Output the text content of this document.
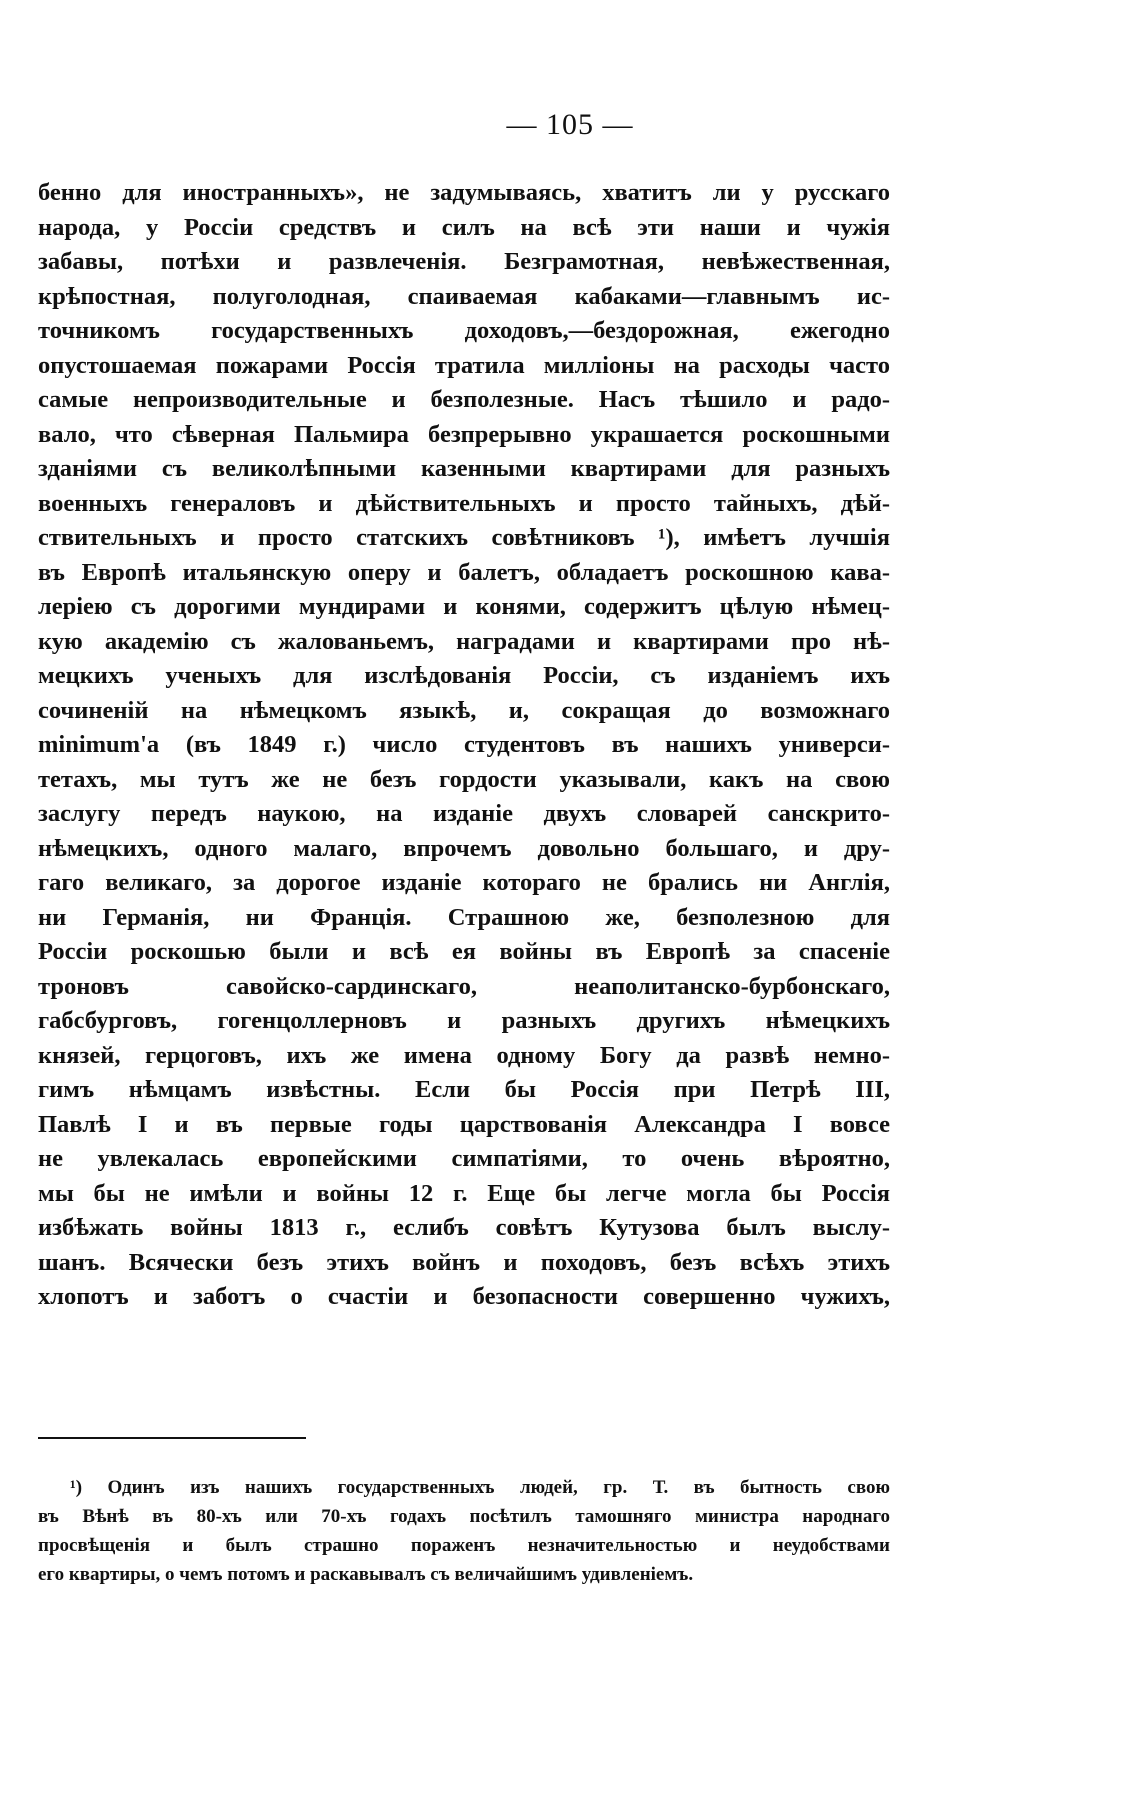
— 105 —
бенно для иностранныхъ», не задумываясь, хватитъ ли у русскаго
народа, у Россіи средствъ и силъ на всѣ эти наши и чужія
забавы, потѣхи и развлеченія. Безграмотная, невѣжественная,
крѣпостная, полуголодная, спаиваемая кабаками—главнымъ ис-
точникомъ государственныхъ доходовъ,—бездорожная, ежегодно
опустошаемая пожарами Россія тратила милліоны на расходы часто
самые непроизводительные и безполезные. Насъ тѣшило и радо-
вало, что сѣверная Пальмира безпрерывно украшается роскошными
зданіями съ великолѣпными казенными квартирами для разныхъ
военныхъ генераловъ и дѣйствительныхъ и просто тайныхъ, дѣй-
ствительныхъ и просто статскихъ совѣтниковъ ¹), имѣетъ лучшія
въ Европѣ итальянскую оперу и балетъ, обладаетъ роскошною кава-
лерiею съ дорогими мундирами и конями, содержитъ цѣлую нѣмец-
кую академію съ жалованьемъ, наградами и квартирами про нѣ-
мецкихъ ученыхъ для изслѣдованія Россіи, съ изданіемъ ихъ
сочиненій на нѣмецкомъ языкѣ, и, сокращая до возможнаго
minimum'a (въ 1849 г.) число студентовъ въ нашихъ универси-
тетахъ, мы тутъ же не безъ гордости указывали, какъ на свою
заслугу передъ наукою, на изданіе двухъ словарей санскрито-
нѣмецкихъ, одного малаго, впрочемъ довольно большаго, и дру-
гаго великаго, за дорогое изданіе котораго не брались ни Англія,
ни Германія, ни Франція. Страшною же, безполезною для
Россіи роскошью были и всѣ ея войны въ Европѣ за спасеніе
троновъ савойско-сардинскаго, неаполитанско-бурбонскаго,
габсбурговъ, гогенцоллерновъ и разныхъ другихъ нѣмецкихъ
князей, герцоговъ, ихъ же имена одному Богу да развѣ немно-
гимъ нѣмцамъ извѣстны. Если бы Россія при Петрѣ III,
Павлѣ I и въ первые годы царствованія Александра I вовсе
не увлекалась европейскими симпатіями, то очень вѣроятно,
мы бы не имѣли и войны 12 г. Еще бы легче могла бы Россія
избѣжать войны 1813 г., еслибъ совѣтъ Кутузова былъ выслу-
шанъ. Всячески безъ этихъ войнъ и походовъ, безъ всѣхъ этихъ
хлопотъ и заботъ о счастіи и безопасности совершенно чужихъ,
¹) Одинъ изъ нашихъ государственныхъ людей, гр. Т. въ бытность свою
въ Вѣнѣ въ 80-хъ или 70-хъ годахъ посѣтилъ тамошняго министра народнаго
просвѣщенія и былъ страшно пораженъ незначительностью и неудобствами
его квартиры, о чемъ потомъ и раскавывалъ съ величайшимъ удивленіемъ.
